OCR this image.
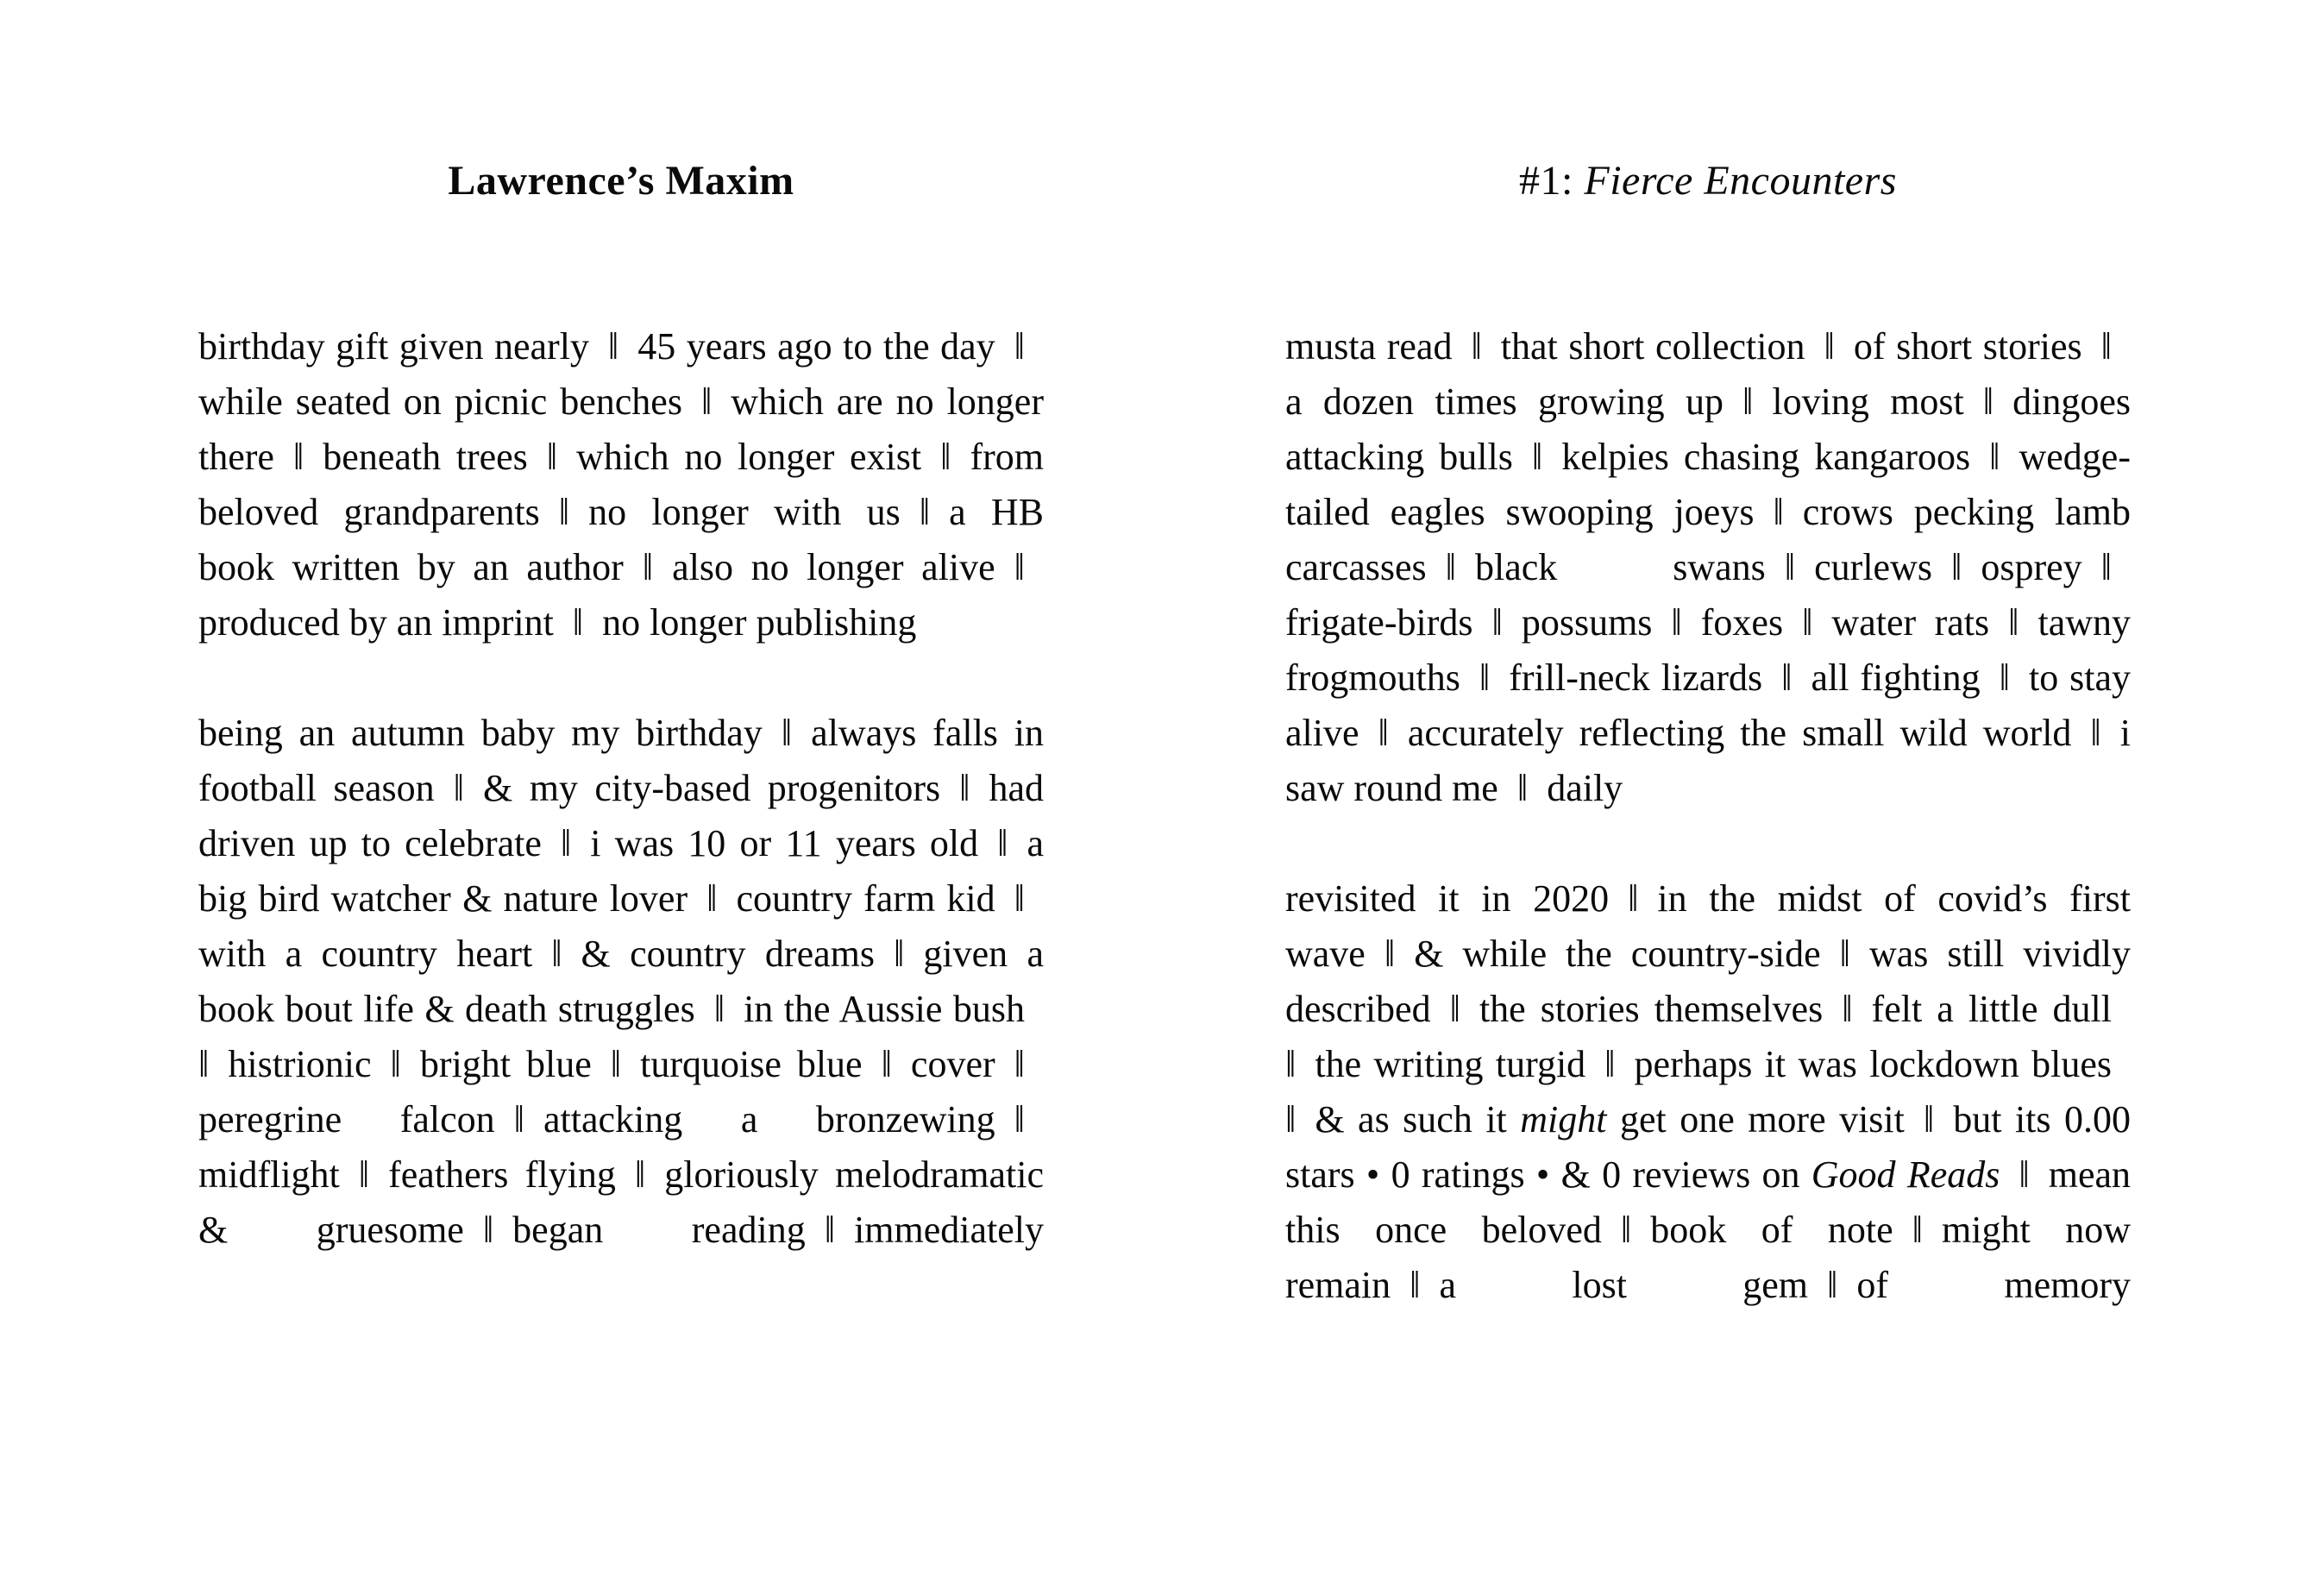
Lawrence’s Maxim

birthday gift given nearly ‖ 45 years ago to the day ‖ while seated on picnic benches ‖ which are no longer there ‖ beneath trees ‖ which no longer exist ‖ from beloved grandparents ‖ no longer with us ‖ a HB book written by an author ‖ also no longer alive ‖ produced by an imprint ‖ no longer publishing

being an autumn baby my birthday ‖ always falls in football season ‖ & my city-based progenitors ‖ had driven up to celebrate ‖ i was 10 or 11 years old ‖ a big bird watcher & nature lover ‖ country farm kid ‖ with a country heart ‖ & country dreams ‖ given a book bout life & death struggles ‖ in the Aussie bush ‖ histrionic ‖ bright blue ‖ turquoise blue ‖ cover ‖ peregrine falcon ‖ attacking a bronzewing ‖ midflight ‖ feathers flying ‖ gloriously melodramatic & gruesome ‖ began reading ‖ immediately

#1: Fierce Encounters

musta read ‖ that short collection ‖ of short stories ‖ a dozen times growing up ‖ loving most ‖ dingoes attacking bulls ‖ kelpies chasing kangaroos ‖ wedge-tailed eagles swooping joeys ‖ crows pecking lamb carcasses ‖ black swans ‖ curlews ‖ osprey ‖ frigate-birds ‖ possums ‖ foxes ‖ water rats ‖ tawny frogmouths ‖ frill-neck lizards ‖ all fighting ‖ to stay alive ‖ accurately reflecting the small wild world ‖ i saw round me ‖ daily

revisited it in 2020 ‖ in the midst of covid’s first wave ‖ & while the country-side ‖ was still vividly described ‖ the stories themselves ‖ felt a little dull ‖ the writing turgid ‖ perhaps it was lockdown blues ‖ & as such it might get one more visit ‖ but its 0.00 stars • 0 ratings • & 0 reviews on Good Reads ‖ mean this once beloved ‖ book of note ‖ might now remain ‖ a lost gem ‖ of memory
